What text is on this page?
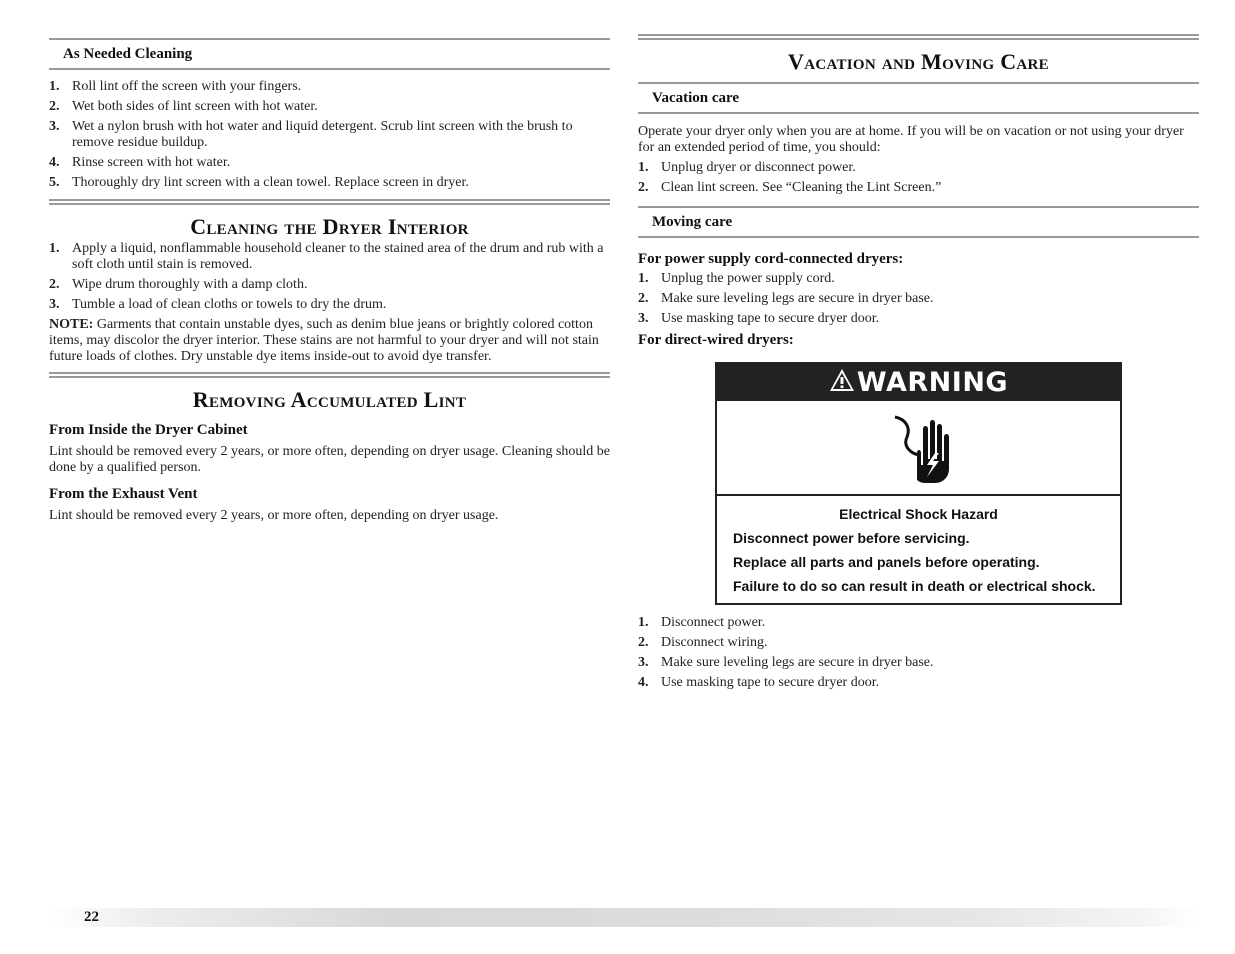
As Needed Cleaning
1. Roll lint off the screen with your fingers.
2. Wet both sides of lint screen with hot water.
3. Wet a nylon brush with hot water and liquid detergent. Scrub lint screen with the brush to remove residue buildup.
4. Rinse screen with hot water.
5. Thoroughly dry lint screen with a clean towel. Replace screen in dryer.
Cleaning the Dryer Interior
1. Apply a liquid, nonflammable household cleaner to the stained area of the drum and rub with a soft cloth until stain is removed.
2. Wipe drum thoroughly with a damp cloth.
3. Tumble a load of clean cloths or towels to dry the drum.
NOTE: Garments that contain unstable dyes, such as denim blue jeans or brightly colored cotton items, may discolor the dryer interior. These stains are not harmful to your dryer and will not stain future loads of clothes. Dry unstable dye items inside-out to avoid dye transfer.
Removing Accumulated Lint
From Inside the Dryer Cabinet
Lint should be removed every 2 years, or more often, depending on dryer usage. Cleaning should be done by a qualified person.
From the Exhaust Vent
Lint should be removed every 2 years, or more often, depending on dryer usage.
Vacation and Moving Care
Vacation care
Operate your dryer only when you are at home. If you will be on vacation or not using your dryer for an extended period of time, you should:
1. Unplug dryer or disconnect power.
2. Clean lint screen. See “Cleaning the Lint Screen.”
Moving care
For power supply cord-connected dryers:
1. Unplug the power supply cord.
2. Make sure leveling legs are secure in dryer base.
3. Use masking tape to secure dryer door.
For direct-wired dryers:
1. Disconnect power.
2. Disconnect wiring.
3. Make sure leveling legs are secure in dryer base.
4. Use masking tape to secure dryer door.
WARNING
Electrical Shock Hazard
Disconnect power before servicing.
Replace all parts and panels before operating.
Failure to do so can result in death or electrical shock.
22
